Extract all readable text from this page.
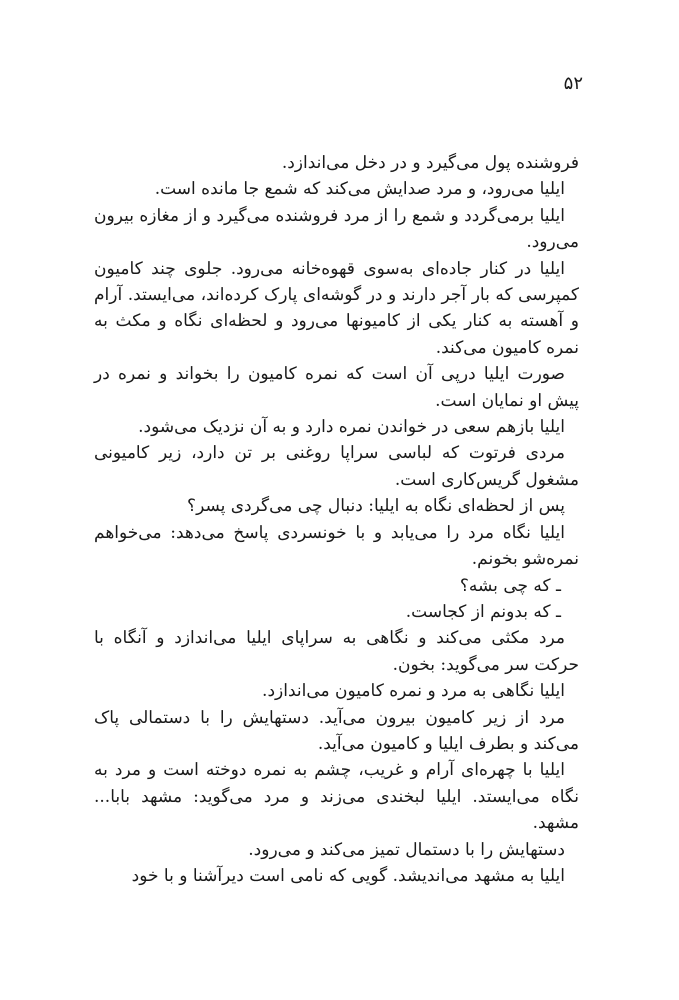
۵۲

فروشنده پول می‌گیرد و در دخل می‌اندازد.

ایلیا می‌رود، و مرد صدایش می‌کند که شمع جا مانده است.

ایلیا برمی‌گردد و شمع را از مرد فروشنده می‌گیرد و از مغازه بیرون می‌رود.

ایلیا در کنار جاده‌ای به‌سوی قهوه‌خانه می‌رود. جلوی چند کامیون کمپرسی که بار آجر دارند و در گوشه‌ای پارک کرده‌اند، می‌ایستد. آرام و آهسته به کنار یکی از کامیونها می‌رود و لحظه‌ای نگاه و مکث به نمره کامیون می‌کند.

صورت ایلیا درپی آن است که نمره کامیون را بخواند و نمره در پیش او نمایان است.

ایلیا بازهم سعی در خواندن نمره دارد و به آن نزدیک می‌شود.

مردی فرتوت که لباسی سراپا روغنی بر تن دارد، زیر کامیونی مشغول گریس‌کاری است.

پس از لحظه‌ای نگاه به ایلیا: دنبال چی می‌گردی پسر؟

ایلیا نگاه مرد را می‌یابد و با خونسردی پاسخ می‌دهد: می‌خواهم نمره‌شو بخونم.

ـ که چی بشه؟

ـ که بدونم از کجاست.

مرد مکثی می‌کند و نگاهی به سراپای ایلیا می‌اندازد و آنگاه با حرکت سر می‌گوید: بخون.

ایلیا نگاهی به مرد و نمره کامیون می‌اندازد.

مرد از زیر کامیون بیرون می‌آید. دستهایش را با دستمالی پاک می‌کند و بطرف ایلیا و کامیون می‌آید.

ایلیا با چهره‌ای آرام و غریب، چشم به نمره دوخته است و مرد به نگاه می‌ایستد. ایلیا لبخندی می‌زند و مرد می‌گوید: مشهد بابا... مشهد.

دستهایش را با دستمال تمیز می‌کند و می‌رود.

ایلیا به مشهد می‌اندیشد. گویی که نامی است دیرآشنا و با خود
